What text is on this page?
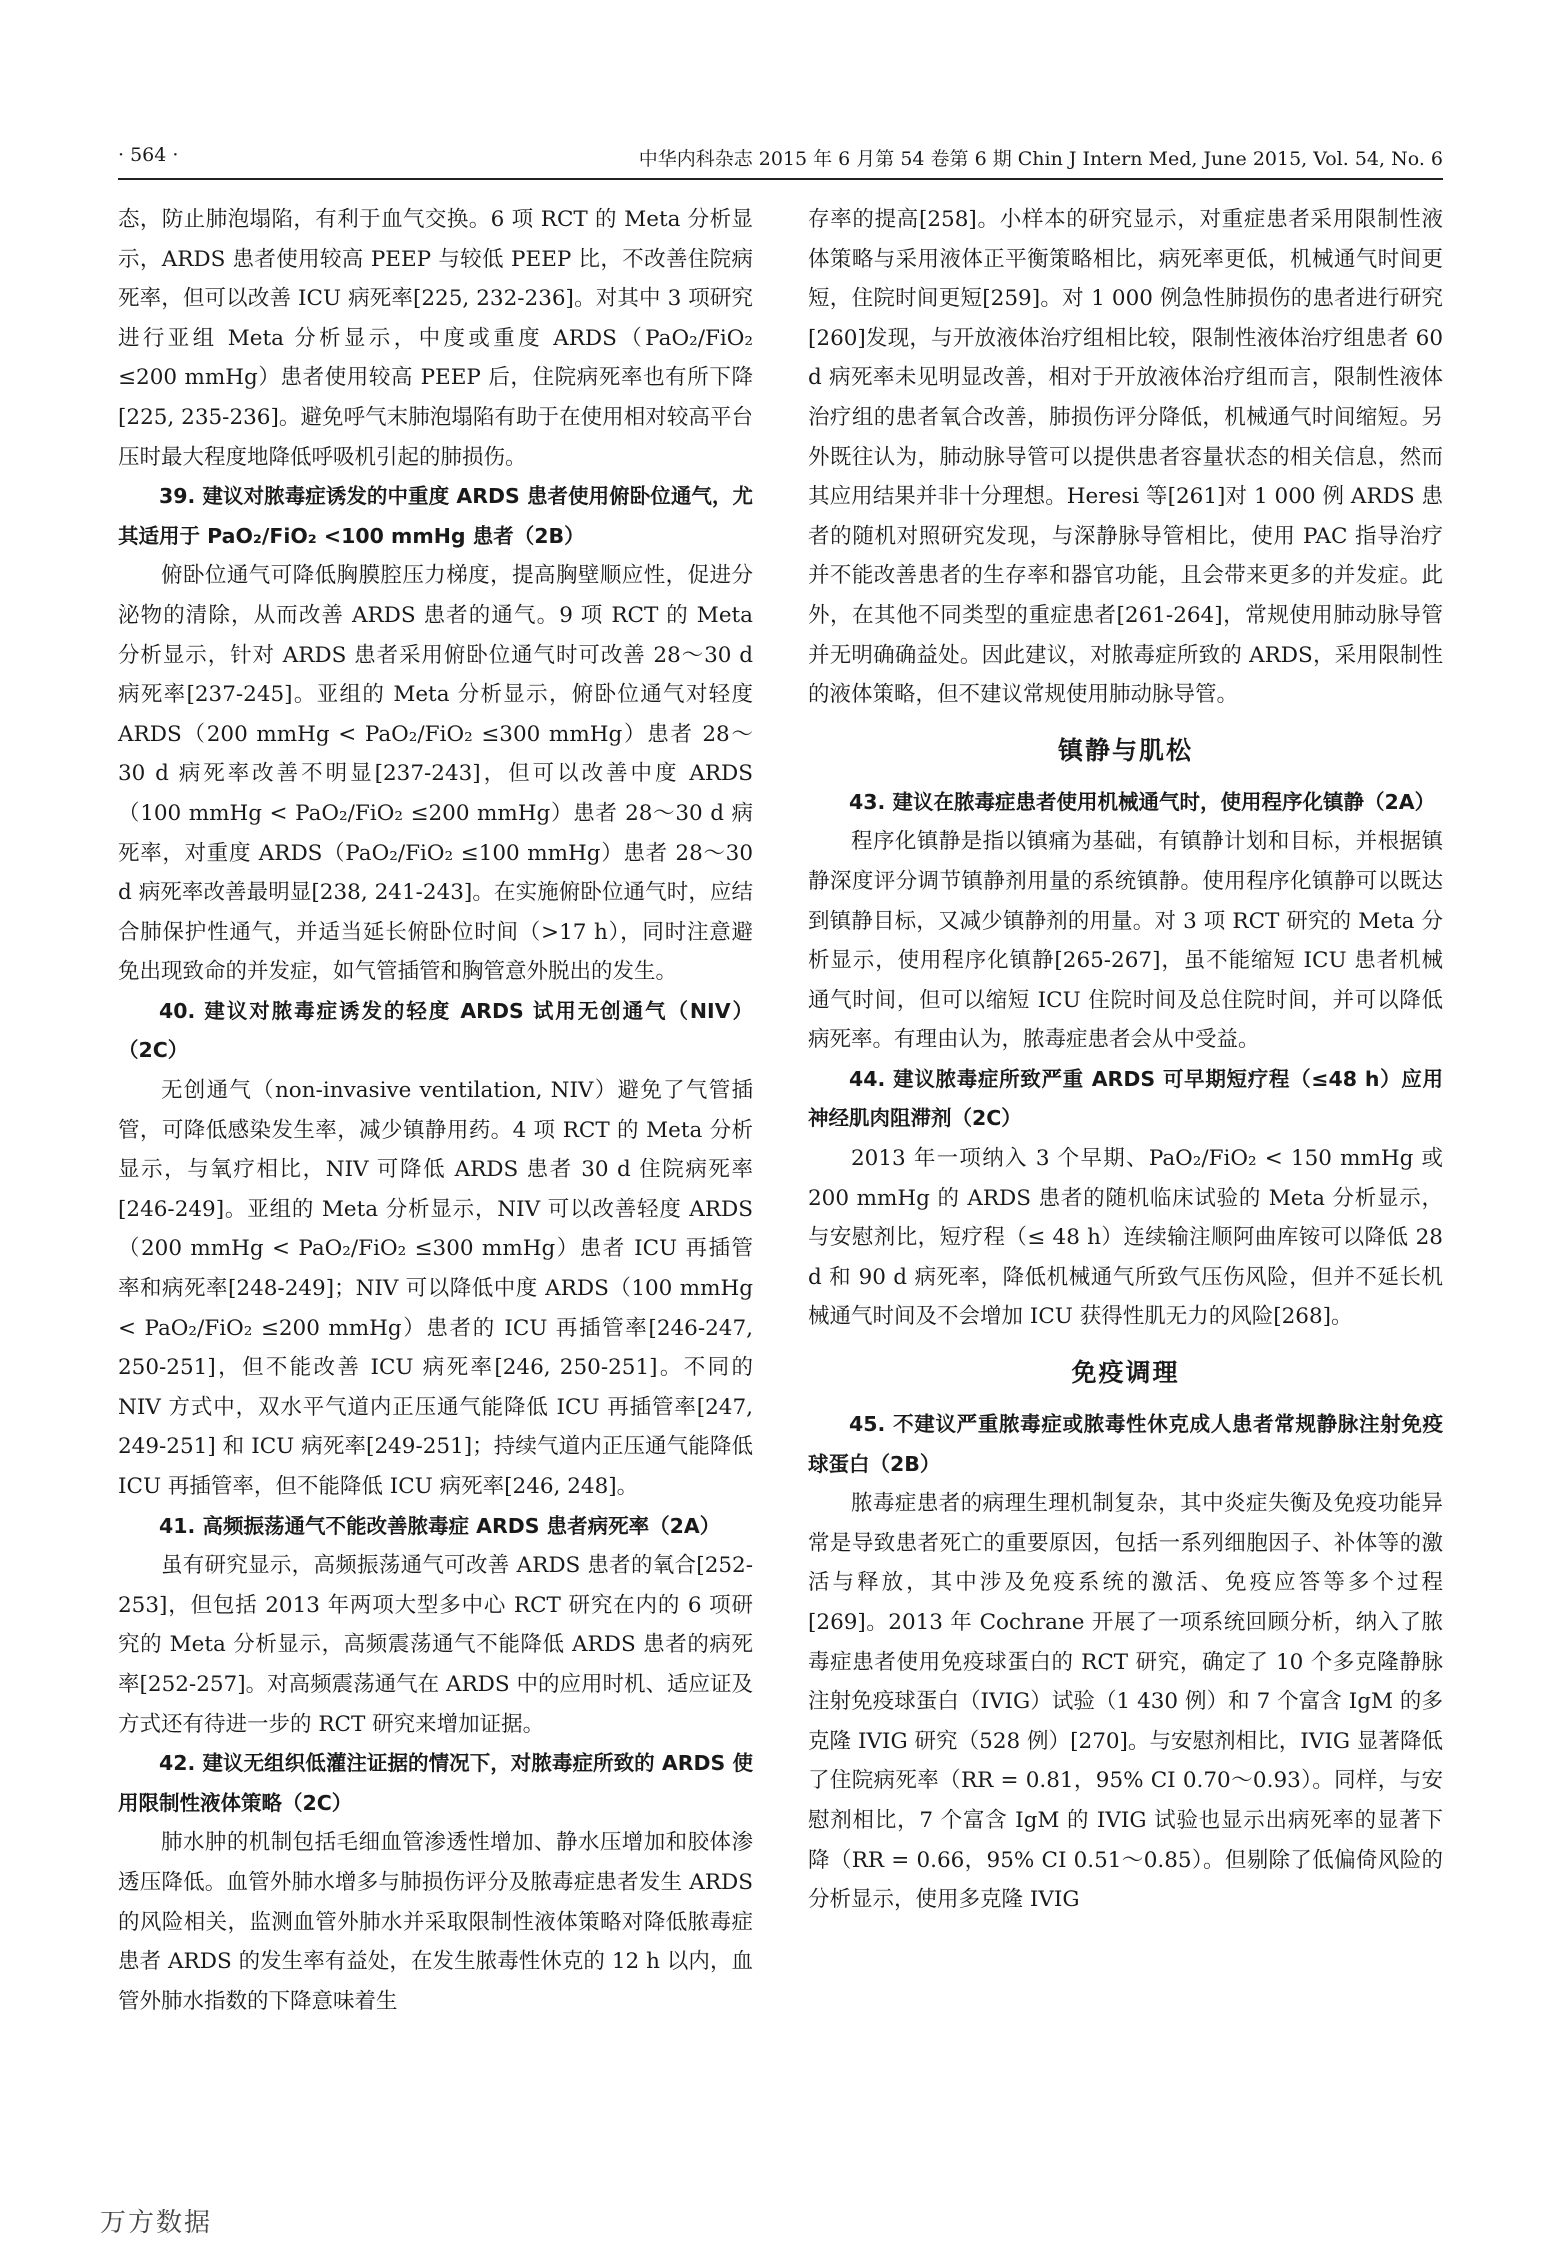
· 564 ·	中华内科杂志 2015 年 6 月第 54 卷第 6 期 Chin J Intern Med, June 2015, Vol. 54, No. 6

态，防止肺泡塌陷，有利于血气交换。6 项 RCT 的 Meta 分析显示，ARDS 患者使用较高 PEEP 与较低 PEEP 比，不改善住院病死率，但可以改善 ICU 病死率[225, 232-236]。对其中 3 项研究进行亚组 Meta 分析显示，中度或重度 ARDS（PaO₂/FiO₂ ≤200 mmHg）患者使用较高 PEEP 后，住院病死率也有所下降[225, 235-236]。避免呼气末肺泡塌陷有助于在使用相对较高平台压时最大程度地降低呼吸机引起的肺损伤。

39. 建议对脓毒症诱发的中重度 ARDS 患者使用俯卧位通气，尤其适用于 PaO₂/FiO₂ <100 mmHg 患者（2B）

俯卧位通气可降低胸膜腔压力梯度，提高胸壁顺应性，促进分泌物的清除，从而改善 ARDS 患者的通气。9 项 RCT 的 Meta 分析显示，针对 ARDS 患者采用俯卧位通气时可改善 28～30 d 病死率[237-245]。亚组的 Meta 分析显示，俯卧位通气对轻度 ARDS（200 mmHg < PaO₂/FiO₂ ≤300 mmHg）患者 28～30 d 病死率改善不明显[237-243]，但可以改善中度 ARDS（100 mmHg < PaO₂/FiO₂ ≤200 mmHg）患者 28～30 d 病死率，对重度 ARDS（PaO₂/FiO₂ ≤100 mmHg）患者 28～30 d 病死率改善最明显[238, 241-243]。在实施俯卧位通气时，应结合肺保护性通气，并适当延长俯卧位时间（>17 h），同时注意避免出现致命的并发症，如气管插管和胸管意外脱出的发生。

40. 建议对脓毒症诱发的轻度 ARDS 试用无创通气（NIV）（2C）

无创通气（non-invasive ventilation, NIV）避免了气管插管，可降低感染发生率，减少镇静用药。4 项 RCT 的 Meta 分析显示，与氧疗相比，NIV 可降低 ARDS 患者 30 d 住院病死率[246-249]。亚组的 Meta 分析显示，NIV 可以改善轻度 ARDS（200 mmHg < PaO₂/FiO₂ ≤300 mmHg）患者 ICU 再插管率和病死率[248-249]；NIV 可以降低中度 ARDS（100 mmHg < PaO₂/FiO₂ ≤200 mmHg）患者的 ICU 再插管率[246-247, 250-251]，但不能改善 ICU 病死率[246, 250-251]。不同的 NIV 方式中，双水平气道内正压通气能降低 ICU 再插管率[247, 249-251] 和 ICU 病死率[249-251]；持续气道内正压通气能降低 ICU 再插管率，但不能降低 ICU 病死率[246, 248]。

41. 高频振荡通气不能改善脓毒症 ARDS 患者病死率（2A）

虽有研究显示，高频振荡通气可改善 ARDS 患者的氧合[252-253]，但包括 2013 年两项大型多中心 RCT 研究在内的 6 项研究的 Meta 分析显示，高频震荡通气不能降低 ARDS 患者的病死率[252-257]。对高频震荡通气在 ARDS 中的应用时机、适应证及方式还有待进一步的 RCT 研究来增加证据。

42. 建议无组织低灌注证据的情况下，对脓毒症所致的 ARDS 使用限制性液体策略（2C）

肺水肿的机制包括毛细血管渗透性增加、静水压增加和胶体渗透压降低。血管外肺水增多与肺损伤评分及脓毒症患者发生 ARDS 的风险相关，监测血管外肺水并采取限制性液体策略对降低脓毒症患者 ARDS 的发生率有益处，在发生脓毒性休克的 12 h 以内，血管外肺水指数的下降意味着生

存率的提高[258]。小样本的研究显示，对重症患者采用限制性液体策略与采用液体正平衡策略相比，病死率更低，机械通气时间更短，住院时间更短[259]。对 1 000 例急性肺损伤的患者进行研究[260]发现，与开放液体治疗组相比较，限制性液体治疗组患者 60 d 病死率未见明显改善，相对于开放液体治疗组而言，限制性液体治疗组的患者氧合改善，肺损伤评分降低，机械通气时间缩短。另外既往认为，肺动脉导管可以提供患者容量状态的相关信息，然而其应用结果并非十分理想。Heresi 等[261]对 1 000 例 ARDS 患者的随机对照研究发现，与深静脉导管相比，使用 PAC 指导治疗并不能改善患者的生存率和器官功能，且会带来更多的并发症。此外，在其他不同类型的重症患者[261-264]，常规使用肺动脉导管并无明确确益处。因此建议，对脓毒症所致的 ARDS，采用限制性的液体策略，但不建议常规使用肺动脉导管。

镇静与肌松

43. 建议在脓毒症患者使用机械通气时，使用程序化镇静（2A）

程序化镇静是指以镇痛为基础，有镇静计划和目标，并根据镇静深度评分调节镇静剂用量的系统镇静。使用程序化镇静可以既达到镇静目标，又减少镇静剂的用量。对 3 项 RCT 研究的 Meta 分析显示，使用程序化镇静[265-267]，虽不能缩短 ICU 患者机械通气时间，但可以缩短 ICU 住院时间及总住院时间，并可以降低病死率。有理由认为，脓毒症患者会从中受益。

44. 建议脓毒症所致严重 ARDS 可早期短疗程（≤48 h）应用神经肌肉阻滞剂（2C）

2013 年一项纳入 3 个早期、PaO₂/FiO₂ < 150 mmHg 或 200 mmHg 的 ARDS 患者的随机临床试验的 Meta 分析显示，与安慰剂比，短疗程（≤ 48 h）连续输注顺阿曲库铵可以降低 28 d 和 90 d 病死率，降低机械通气所致气压伤风险，但并不延长机械通气时间及不会增加 ICU 获得性肌无力的风险[268]。

免疫调理

45. 不建议严重脓毒症或脓毒性休克成人患者常规静脉注射免疫球蛋白（2B）

脓毒症患者的病理生理机制复杂，其中炎症失衡及免疫功能异常是导致患者死亡的重要原因，包括一系列细胞因子、补体等的激活与释放，其中涉及免疫系统的激活、免疫应答等多个过程[269]。2013 年 Cochrane 开展了一项系统回顾分析，纳入了脓毒症患者使用免疫球蛋白的 RCT 研究，确定了 10 个多克隆静脉注射免疫球蛋白（IVIG）试验（1 430 例）和 7 个富含 IgM 的多克隆 IVIG 研究（528 例）[270]。与安慰剂相比，IVIG 显著降低了住院病死率（RR = 0.81，95% CI 0.70～0.93）。同样，与安慰剂相比，7 个富含 IgM 的 IVIG 试验也显示出病死率的显著下降（RR = 0.66，95% CI 0.51～0.85）。但剔除了低偏倚风险的分析显示，使用多克隆 IVIG

万方数据
